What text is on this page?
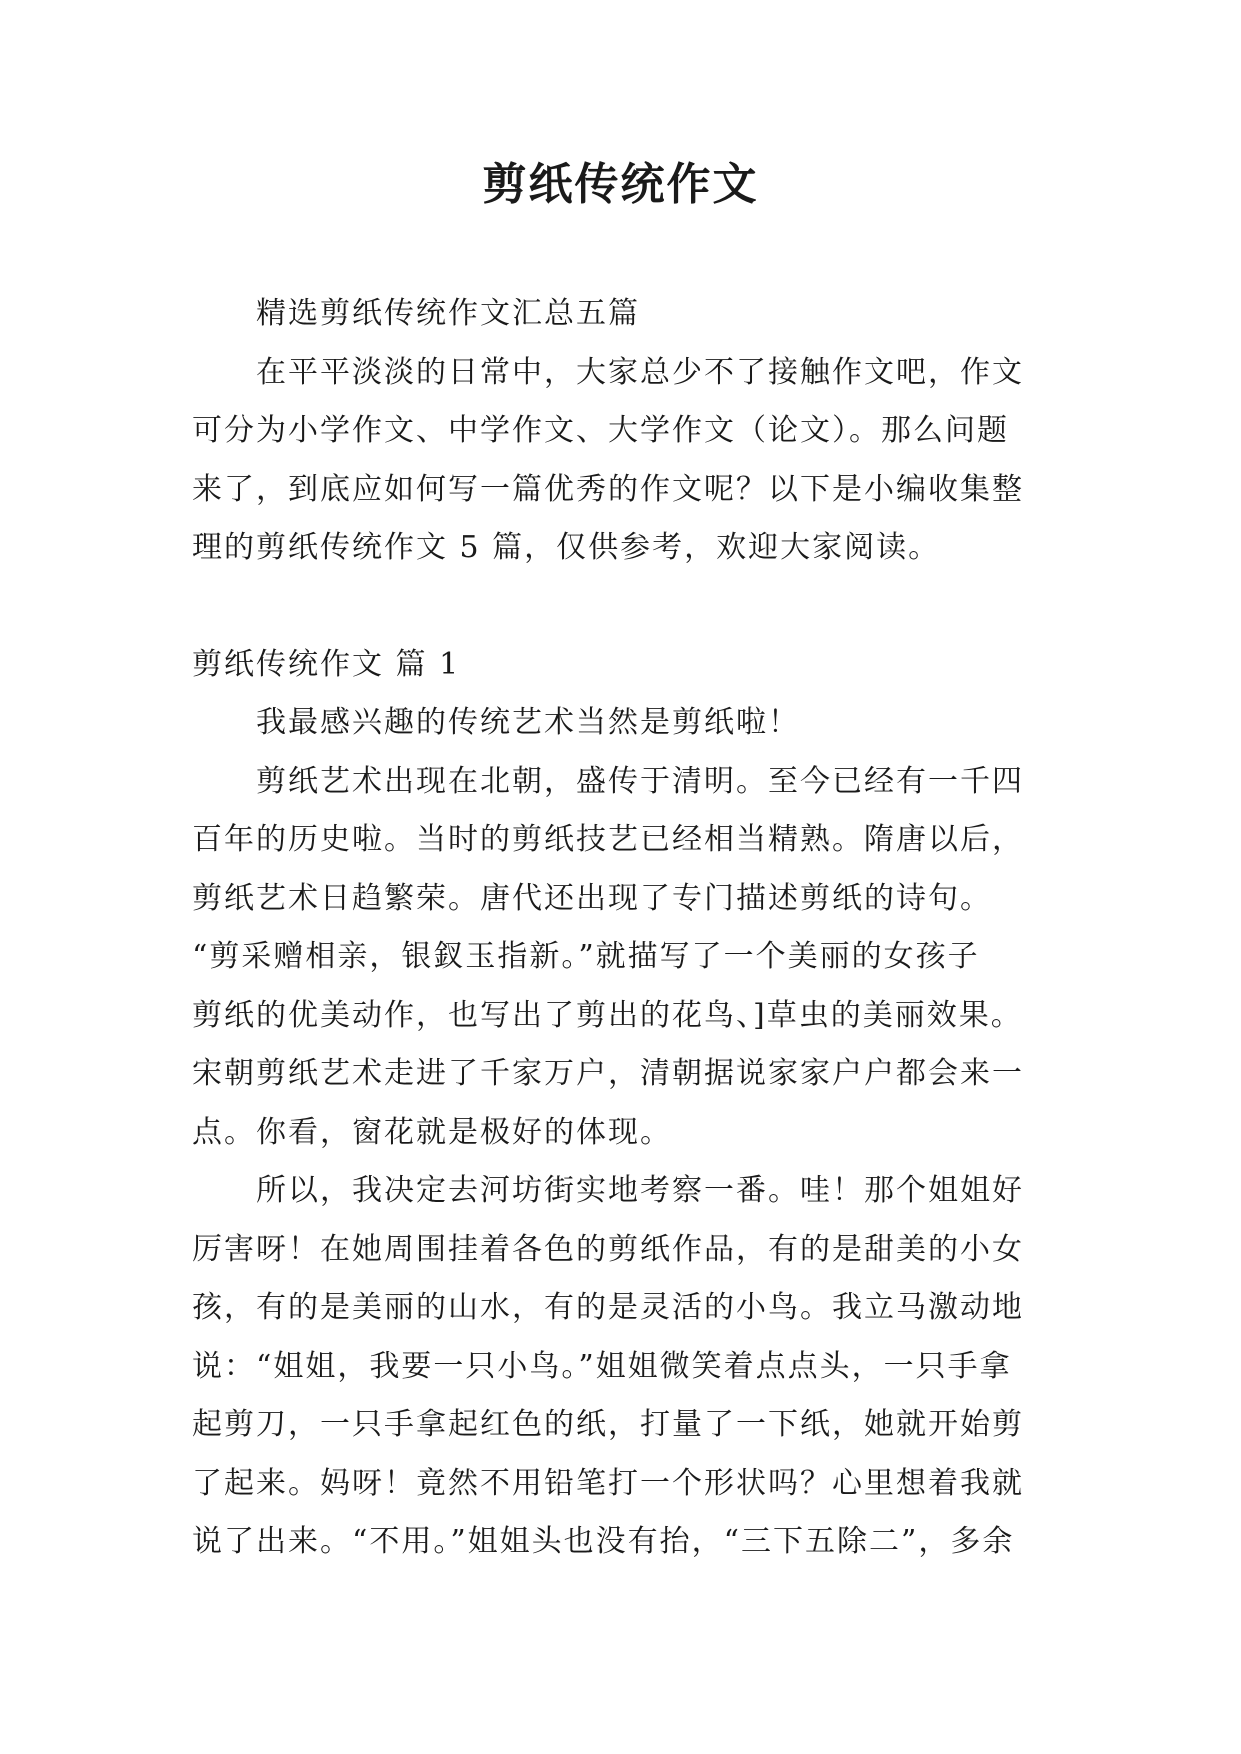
剪纸传统作文

精选剪纸传统作文汇总五篇

在平平淡淡的日常中，大家总少不了接触作文吧，作文
可分为小学作文、中学作文、大学作文（论文）。那么问题
来了，到底应如何写一篇优秀的作文呢？以下是小编收集整
理的剪纸传统作文 5 篇，仅供参考，欢迎大家阅读。

剪纸传统作文 篇 1

我最感兴趣的传统艺术当然是剪纸啦！

剪纸艺术出现在北朝，盛传于清明。至今已经有一千四
百年的历史啦。当时的剪纸技艺已经相当精熟。隋唐以后，
剪纸艺术日趋繁荣。唐代还出现了专门描述剪纸的诗句。
“剪采赠相亲，银釵玉指新。”就描写了一个美丽的女孩子
剪纸的优美动作，也写出了剪出的花鸟、]草虫的美丽效果。
宋朝剪纸艺术走进了千家万户，清朝据说家家户户都会来一
点。你看，窗花就是极好的体现。

所以，我决定去河坊街实地考察一番。哇！那个姐姐好
厉害呀！在她周围挂着各色的剪纸作品，有的是甜美的小女
孩，有的是美丽的山水，有的是灵活的小鸟。我立马激动地
说：“姐姐，我要一只小鸟。”姐姐微笑着点点头，一只手拿
起剪刀，一只手拿起红色的纸，打量了一下纸，她就开始剪
了起来。妈呀！竟然不用铅笔打一个形状吗？心里想着我就
说了出来。“不用。”姐姐头也没有抬，“三下五除二”，多余
